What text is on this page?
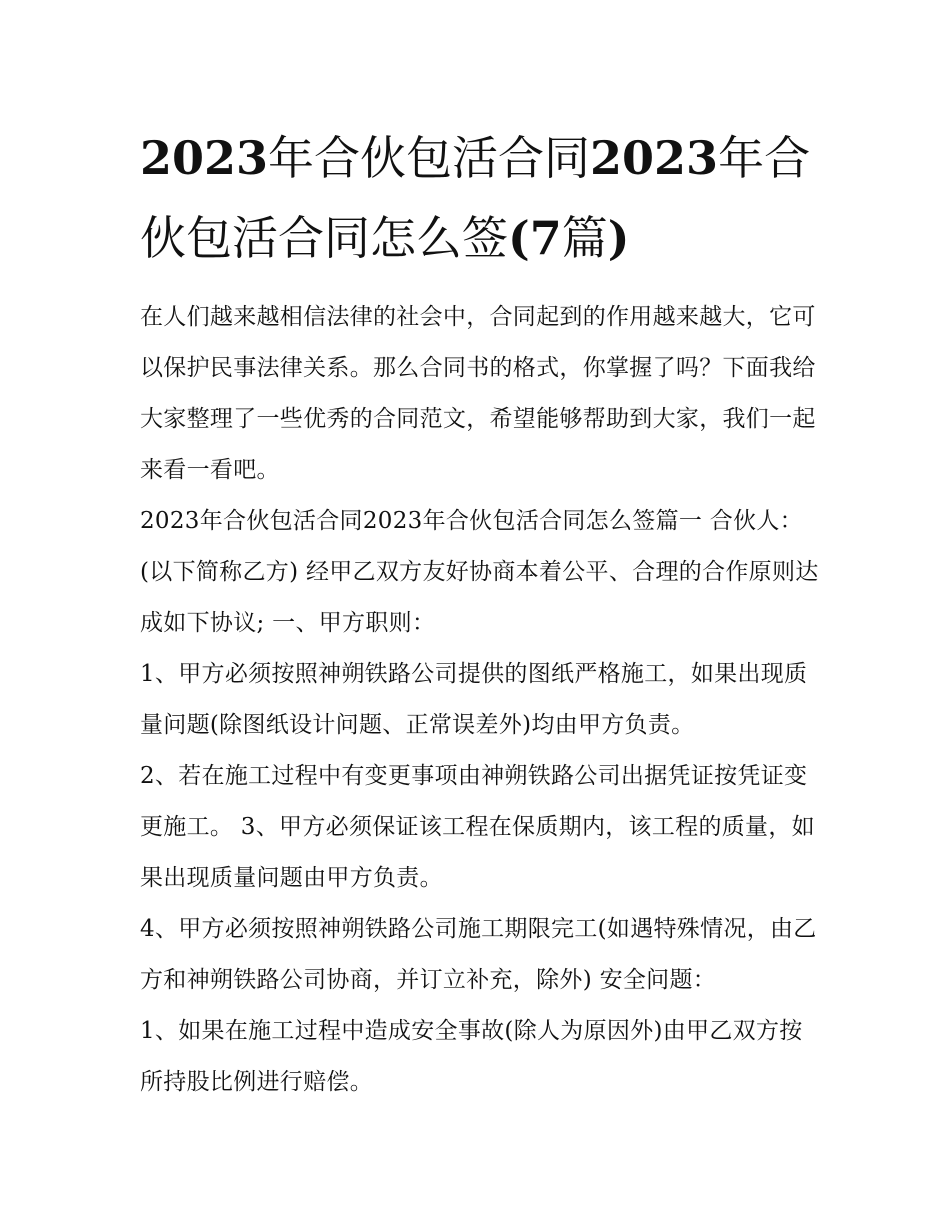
2023年合伙包活合同2023年合伙包活合同怎么签(7篇)

在人们越来越相信法律的社会中，合同起到的作用越来越大，它可以保护民事法律关系。那么合同书的格式，你掌握了吗？下面我给大家整理了一些优秀的合同范文，希望能够帮助到大家，我们一起来看一看吧。

2023年合伙包活合同2023年合伙包活合同怎么签篇一 合伙人：(以下简称乙方) 经甲乙双方友好协商本着公平、合理的合作原则达成如下协议; 一、甲方职则：

1、甲方必须按照神朔铁路公司提供的图纸严格施工，如果出现质量问题(除图纸设计问题、正常误差外)均由甲方负责。

2、若在施工过程中有变更事项由神朔铁路公司出据凭证按凭证变更施工。 3、甲方必须保证该工程在保质期内，该工程的质量，如果出现质量问题由甲方负责。

4、甲方必须按照神朔铁路公司施工期限完工(如遇特殊情况，由乙方和神朔铁路公司协商，并订立补充，除外) 安全问题：

1、如果在施工过程中造成安全事故(除人为原因外)由甲乙双方按所持股比例进行赔偿。
